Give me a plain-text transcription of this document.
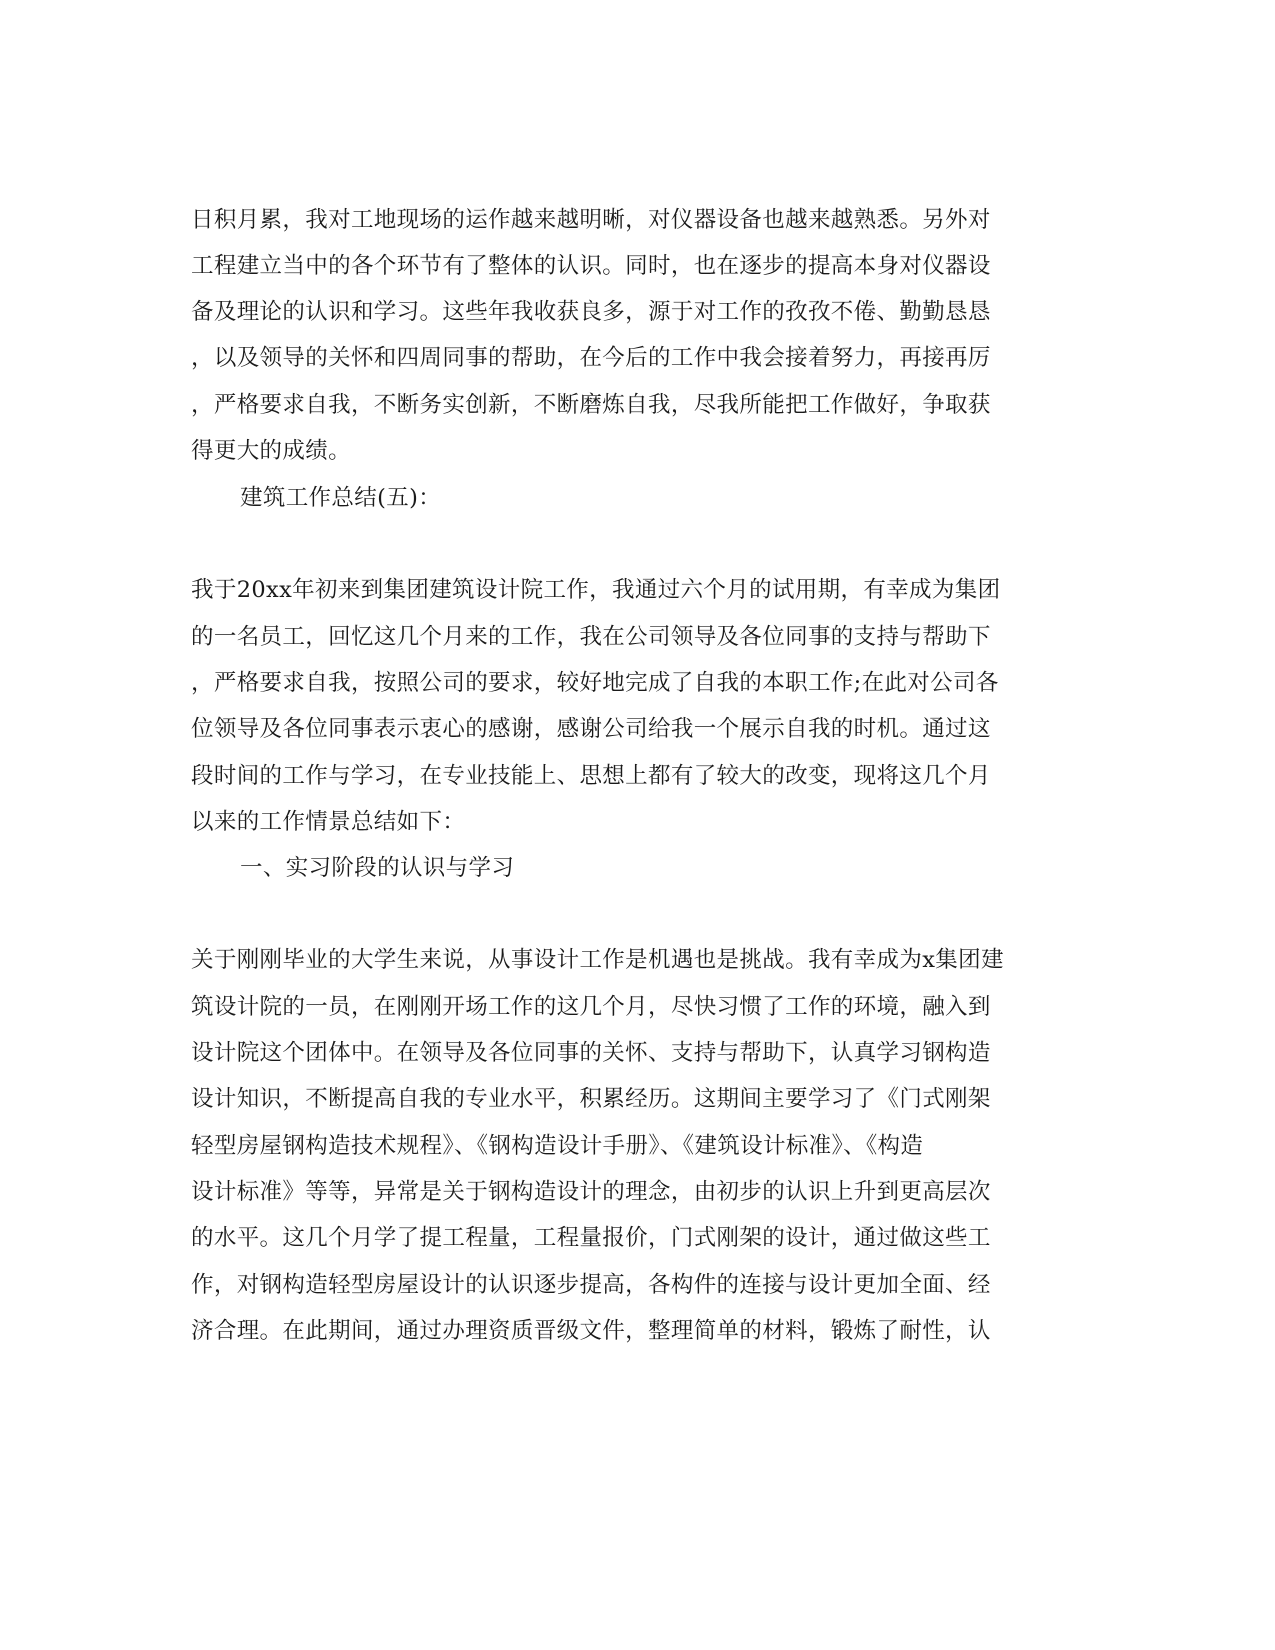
日积月累，我对工地现场的运作越来越明晰，对仪器设备也越来越熟悉。另外对
工程建立当中的各个环节有了整体的认识。同时，也在逐步的提高本身对仪器设
备及理论的认识和学习。这些年我收获良多，源于对工作的孜孜不倦、勤勤恳恳
，以及领导的关怀和四周同事的帮助，在今后的工作中我会接着努力，再接再厉
，严格要求自我，不断务实创新，不断磨炼自我，尽我所能把工作做好，争取获
得更大的成绩。
建筑工作总结(五)：
我于20xx年初来到集团建筑设计院工作，我通过六个月的试用期，有幸成为集团
的一名员工，回忆这几个月来的工作，我在公司领导及各位同事的支持与帮助下
，严格要求自我，按照公司的要求，较好地完成了自我的本职工作;在此对公司各
位领导及各位同事表示衷心的感谢，感谢公司给我一个展示自我的时机。通过这
段时间的工作与学习，在专业技能上、思想上都有了较大的改变，现将这几个月
以来的工作情景总结如下：
一、实习阶段的认识与学习
关于刚刚毕业的大学生来说，从事设计工作是机遇也是挑战。我有幸成为x集团建
筑设计院的一员，在刚刚开场工作的这几个月，尽快习惯了工作的环境，融入到
设计院这个团体中。在领导及各位同事的关怀、支持与帮助下，认真学习钢构造
设计知识，不断提高自我的专业水平，积累经历。这期间主要学习了《门式刚架
轻型房屋钢构造技术规程》、《钢构造设计手册》、《建筑设计标准》、《构造
设计标准》等等，异常是关于钢构造设计的理念，由初步的认识上升到更高层次
的水平。这几个月学了提工程量，工程量报价，门式刚架的设计，通过做这些工
作，对钢构造轻型房屋设计的认识逐步提高，各构件的连接与设计更加全面、经
济合理。在此期间，通过办理资质晋级文件，整理简单的材料，锻炼了耐性，认
